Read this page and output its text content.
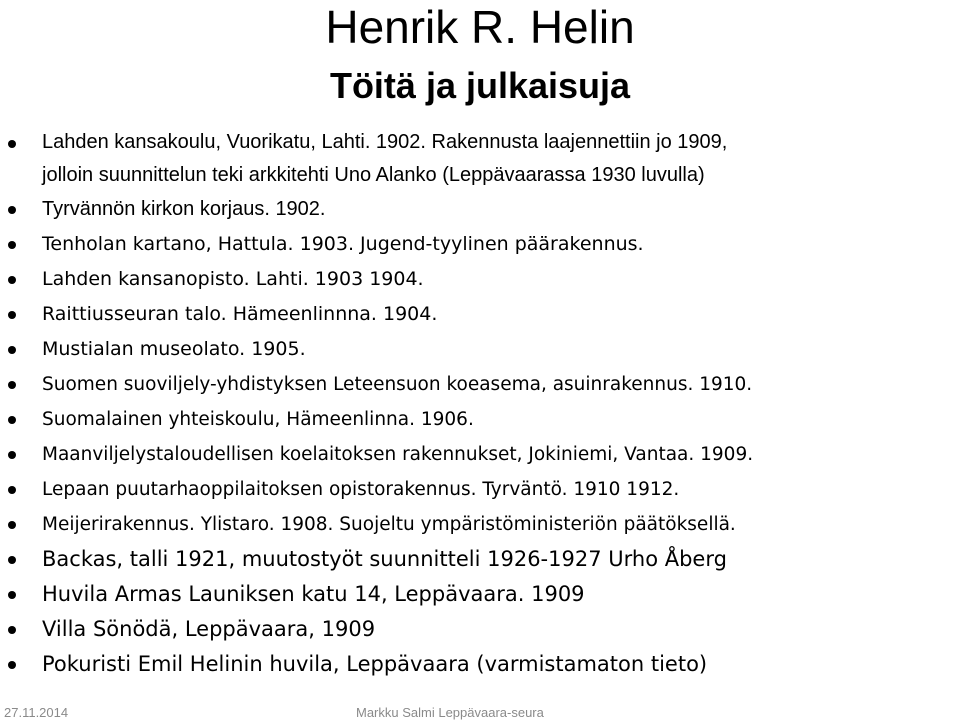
Henrik R. Helin
Töitä ja julkaisuja
Lahden kansakoulu, Vuorikatu, Lahti. 1902. Rakennusta laajennettiin jo 1909,
jolloin suunnittelun teki arkkitehti Uno Alanko (Leppävaarassa 1930 luvulla)
Tyrvännön kirkon korjaus. 1902.
Tenholan kartano, Hattula. 1903. Jugend-tyylinen päärakennus.
Lahden kansanopisto. Lahti. 1903 1904.
Raittiusseuran talo. Hämeenlinnna. 1904.
Mustialan museolato. 1905.
Suomen suoviljely-yhdistyksen Leteensuon koeasema, asuinrakennus. 1910.
Suomalainen yhteiskoulu, Hämeenlinna. 1906.
Maanviljelystaloudellisen koelaitoksen rakennukset, Jokiniemi, Vantaa. 1909.
Lepaan puutarhaoppilaitoksen opistorakennus. Tyrväntö. 1910 1912.
Meijerirakennus. Ylistaro. 1908. Suojeltu ympäristöministeriön päätöksellä.
Backas, talli 1921, muutostyöt suunnitteli 1926-1927 Urho Åberg
Huvila Armas Launiksen katu 14, Leppävaara. 1909
Villa Sönödä, Leppävaara, 1909
Pokuristi Emil Helinin huvila, Leppävaara (varmistamaton tieto)
27.11.2014	Markku Salmi Leppävaara-seura
